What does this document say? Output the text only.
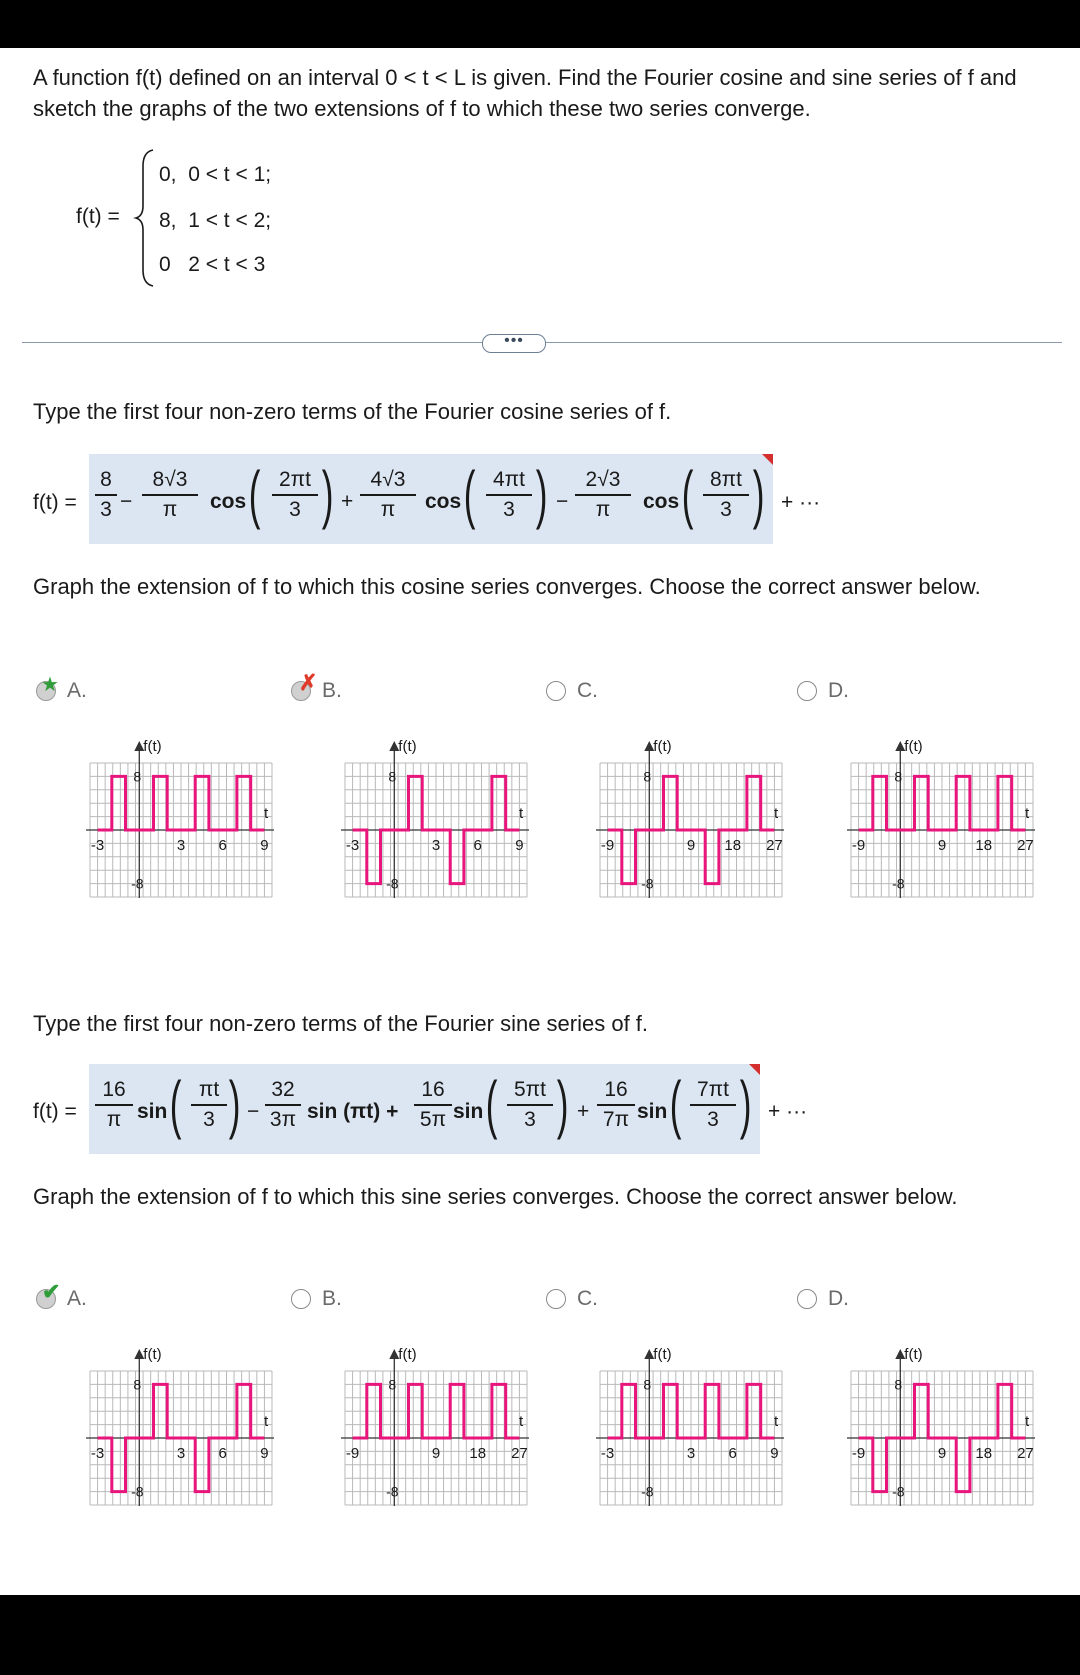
A function f(t) defined on an interval 0 < t < L is given. Find the Fourier cosine and sine series of f and sketch the graphs of the two extensions of f to which these two series converge.
f(t) =
0, 0 < t < 1;
8, 1 < t < 2;
0 2 < t < 3
•••
Type the first four non-zero terms of the Fourier cosine series of f.
f(t) =
8
3 −
8√3
π	cos ( 2πt
3 ) +
4√3
π	cos ( 4πt
3 ) −
2√3
π	cos ( 8πt
3 ) + ···
Graph the extension of f to which this cosine series converges. Choose the correct answer below.
★ A.
f(t)
t
-3	3 6 9
8
-8
✗ B.
f(t)
t
-3	3 6 9
8
-8
C.
f(t)
t
-9	9 18 27
8
-8
D.
f(t)
t
-9	9 18 27
8
-8
Type the first four non-zero terms of the Fourier sine series of f.
f(t) =
16
π sin ( πt
3 ) −
32
3π sin (πt) +
16
5π sin ( 5πt
3 ) +
16
7π sin ( 7πt
3 ) + ···
Graph the extension of f to which this sine series converges. Choose the correct answer below.
✔ A.
f(t)
t
-3	3 6 9
8
-8
B.
f(t)
t
-9	9 18 27
8
-8
C.
f(t)
t
-3	3 6 9
8
-8
D.
f(t)
t
-9	9 18 27
8
-8
